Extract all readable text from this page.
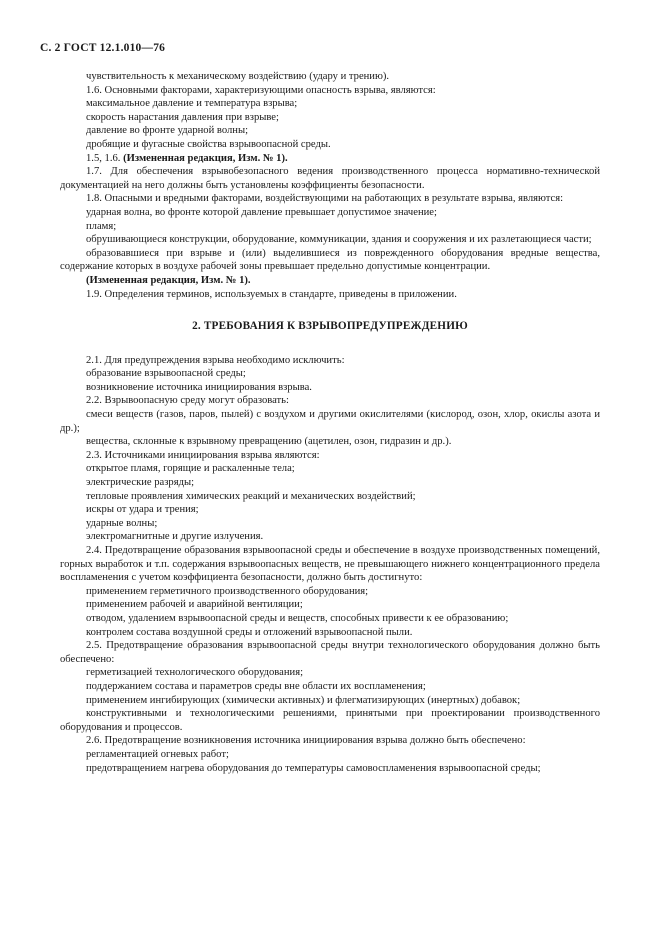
С. 2 ГОСТ 12.1.010—76

чувствительность к механическому воздействию (удару и трению).

1.6. Основными факторами, характеризующими опасность взрыва, являются:

максимальное давление и температура взрыва;

скорость нарастания давления при взрыве;

давление во фронте ударной волны;

дробящие и фугасные свойства взрывоопасной среды.

1.5, 1.6. (Измененная редакция, Изм. № 1).

1.7. Для обеспечения взрывобезопасного ведения производственного процесса нормативно-технической документацией на него должны быть установлены коэффициенты безопасности.

1.8. Опасными и вредными факторами, воздействующими на работающих в результате взрыва, являются:

ударная волна, во фронте которой давление превышает допустимое значение;

пламя;

обрушивающиеся конструкции, оборудование, коммуникации, здания и сооружения и их разлетающиеся части;

образовавшиеся при взрыве и (или) выделившиеся из поврежденного оборудования вредные вещества, содержание которых в воздухе рабочей зоны превышает предельно допустимые концентрации.

(Измененная редакция, Изм. № 1).

1.9. Определения терминов, используемых в стандарте, приведены в приложении.

2. ТРЕБОВАНИЯ К ВЗРЫВОПРЕДУПРЕЖДЕНИЮ

2.1. Для предупреждения взрыва необходимо исключить:

образование взрывоопасной среды;

возникновение источника инициирования взрыва.

2.2. Взрывоопасную среду могут образовать:

смеси веществ (газов, паров, пылей) с воздухом и другими окислителями (кислород, озон, хлор, окислы азота и др.);

вещества, склонные к взрывному превращению (ацетилен, озон, гидразин и др.).

2.3. Источниками инициирования взрыва являются:

открытое пламя, горящие и раскаленные тела;

электрические разряды;

тепловые проявления химических реакций и механических воздействий;

искры от удара и трения;

ударные волны;

электромагнитные и другие излучения.

2.4. Предотвращение образования взрывоопасной среды и обеспечение в воздухе производственных помещений, горных выработок и т.п. содержания взрывоопасных веществ, не превышающего нижнего концентрационного предела воспламенения с учетом коэффициента безопасности, должно быть достигнуто:

применением герметичного производственного оборудования;

применением рабочей и аварийной вентиляции;

отводом, удалением взрывоопасной среды и веществ, способных привести к ее образованию;

контролем состава воздушной среды и отложений взрывоопасной пыли.

2.5. Предотвращение образования взрывоопасной среды внутри технологического оборудования должно быть обеспечено:

герметизацией технологического оборудования;

поддержанием состава и параметров среды вне области их воспламенения;

применением ингибирующих (химически активных) и флегматизирующих (инертных) добавок;

конструктивными и технологическими решениями, принятыми при проектировании производственного оборудования и процессов.

2.6. Предотвращение возникновения источника инициирования взрыва должно быть обеспечено:

регламентацией огневых работ;

предотвращением нагрева оборудования до температуры самовоспламенения взрывоопасной среды;
